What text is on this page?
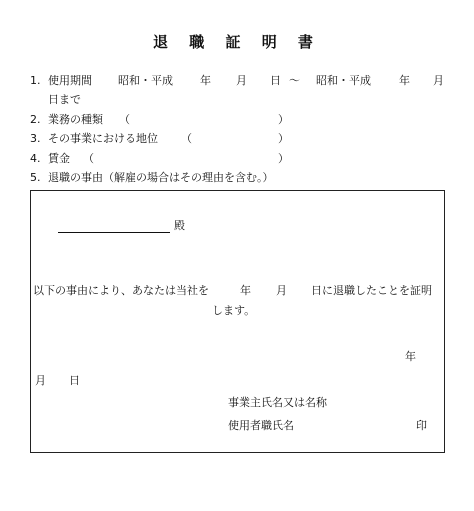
退 職 証 明 書
1. 使用期間 昭和・平成 年 月 日 ～ 昭和・平成	年 月
日まで
2. 業務の種類 （	）
3. その事業における地位 （	）
4. 賃金 （	）
5. 退職の事由（解雇の場合はその理由を含む。）
殿
以下の事由により、あなたは当社を	年 月 日に退職したことを証明
します。
年
月 日
事業主氏名又は名称
使用者職氏名	印
